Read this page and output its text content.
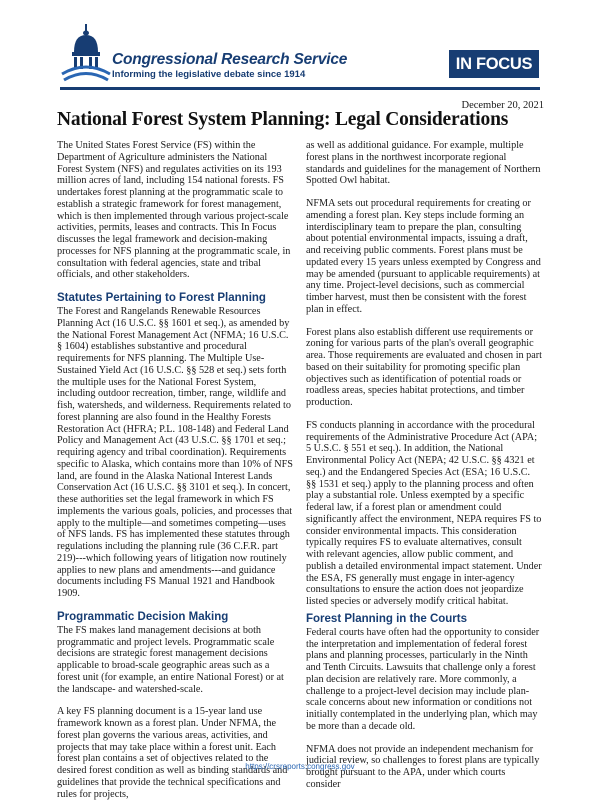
Congressional Research Service
Informing the legislative debate since 1914
IN FOCUS
December 20, 2021
National Forest System Planning: Legal Considerations

The United States Forest Service (FS) within the Department of Agriculture administers the National Forest System (NFS) and regulates activities on its 193 million acres of land, including 154 national forests. FS undertakes forest planning at the programmatic scale to establish a strategic framework for forest management, which is then implemented through various project-scale activities, permits, leases and contracts. This In Focus discusses the legal framework and decision-making processes for NFS planning at the programmatic scale, in consultation with federal agencies, state and tribal officials, and other stakeholders.

Statutes Pertaining to Forest Planning

The Forest and Rangelands Renewable Resources Planning Act (16 U.S.C. §§ 1601 et seq.), as amended by the National Forest Management Act (NFMA; 16 U.S.C. § 1604) establishes substantive and procedural requirements for NFS planning. The Multiple Use-Sustained Yield Act (16 U.S.C. §§ 528 et seq.) sets forth the multiple uses for the National Forest System, including outdoor recreation, timber, range, wildlife and fish, watersheds, and wilderness. Requirements related to forest planning are also found in the Healthy Forests Restoration Act (HFRA; P.L. 108-148) and Federal Land Policy and Management Act (43 U.S.C. §§ 1701 et seq.; requiring agency and tribal coordination). Requirements specific to Alaska, which contains more than 10% of NFS land, are found in the Alaska National Interest Lands Conservation Act (16 U.S.C. §§ 3101 et seq.). In concert, these authorities set the legal framework in which FS implements the various goals, policies, and processes that apply to the multiple—and sometimes competing—uses of NFS lands. FS has implemented these statutes through regulations including the planning rule (36 C.F.R. part 219)---which following years of litigation now routinely applies to new plans and amendments---and guidance documents including FS Manual 1921 and Handbook 1909.

Programmatic Decision Making

The FS makes land management decisions at both programmatic and project levels. Programmatic scale decisions are strategic forest management decisions applicable to broad-scale geographic areas such as a forest unit (for example, an entire National Forest) or at the landscape- and watershed-scale.

A key FS planning document is a 15-year land use framework known as a forest plan. Under NFMA, the forest plan governs the various areas, activities, and projects that may take place within a forest unit. Each forest plan contains a set of objectives related to the desired forest condition as well as binding standards and guidelines that provide the technical specifications and rules for projects,

as well as additional guidance. For example, multiple forest plans in the northwest incorporate regional standards and guidelines for the management of Northern Spotted Owl habitat.

NFMA sets out procedural requirements for creating or amending a forest plan. Key steps include forming an interdisciplinary team to prepare the plan, consulting about potential environmental impacts, issuing a draft, and receiving public comments. Forest plans must be updated every 15 years unless exempted by Congress and may be amended (pursuant to applicable requirements) at any time. Project-level decisions, such as commercial timber harvest, must then be consistent with the forest plan in effect.

Forest plans also establish different use requirements or zoning for various parts of the plan's overall geographic area. Those requirements are evaluated and chosen in part based on their suitability for promoting specific plan objectives such as identification of potential roads or roadless areas, species habitat protections, and timber production.

FS conducts planning in accordance with the procedural requirements of the Administrative Procedure Act (APA; 5 U.S.C. § 551 et seq.). In addition, the National Environmental Policy Act (NEPA; 42 U.S.C. §§ 4321 et seq.) and the Endangered Species Act (ESA; 16 U.S.C. §§ 1531 et seq.) apply to the planning process and often play a substantial role. Unless exempted by a specific federal law, if a forest plan or amendment could significantly affect the environment, NEPA requires FS to consider environmental impacts. This consideration typically requires FS to evaluate alternatives, consult with relevant agencies, allow public comment, and publish a detailed environmental impact statement. Under the ESA, FS generally must engage in inter-agency consultations to ensure the action does not jeopardize listed species or adversely modify critical habitat.

Forest Planning in the Courts

Federal courts have often had the opportunity to consider the interpretation and implementation of federal forest plans and planning processes, particularly in the Ninth and Tenth Circuits. Lawsuits that challenge only a forest plan decision are relatively rare. More commonly, a challenge to a project-level decision may include plan-scale concerns about new information or conditions not initially contemplated in the underlying plan, which may be more than a decade old.

NFMA does not provide an independent mechanism for judicial review, so challenges to forest plans are typically brought pursuant to the APA, under which courts consider

https://crsreports.congress.gov
